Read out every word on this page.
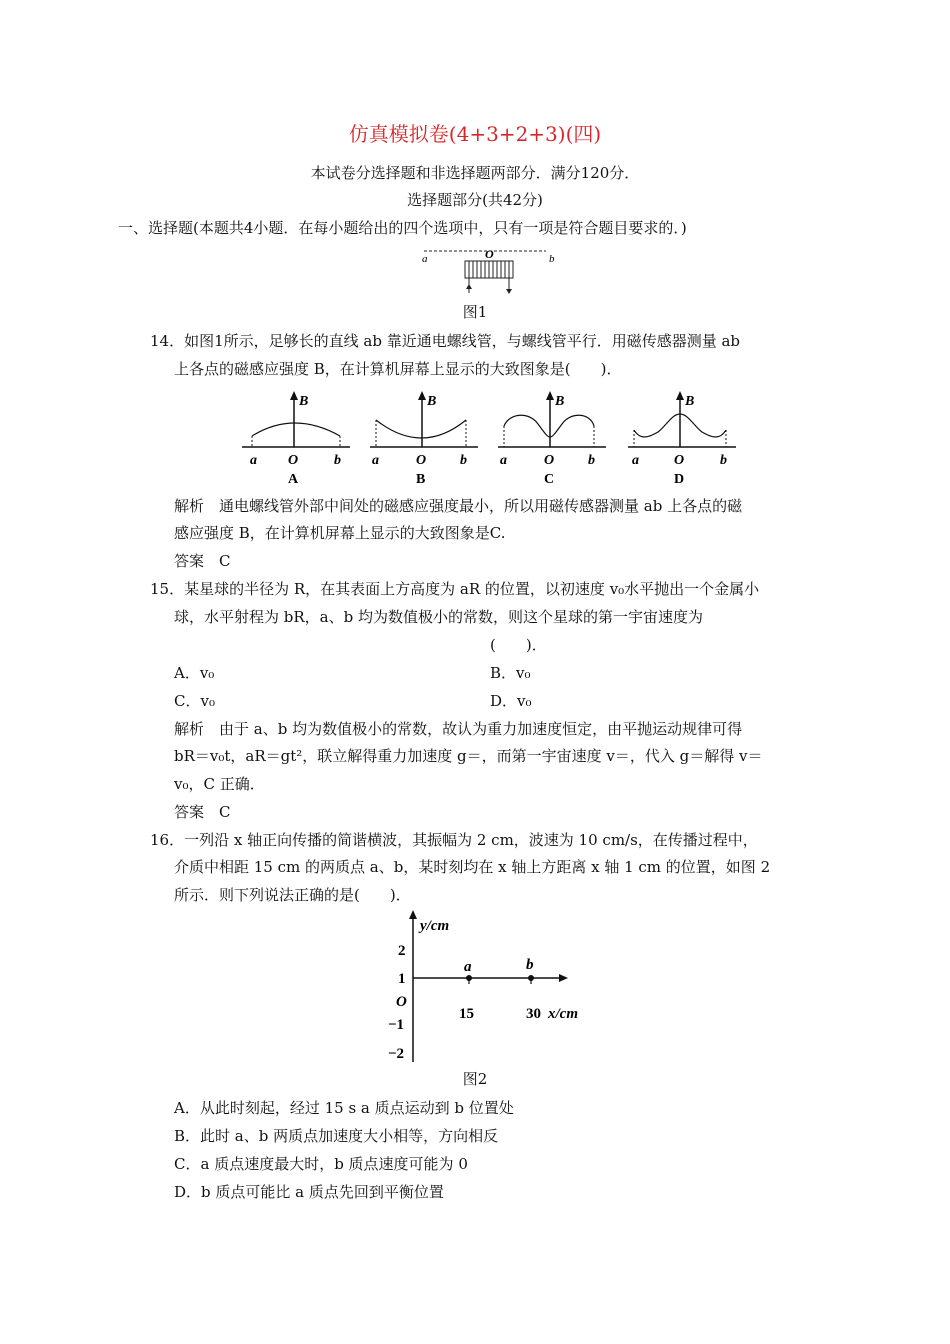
仿真模拟卷(4+3+2+3)(四)
本试卷分选择题和非选择题两部分．满分120分．
选择题部分(共42分)
一、选择题(本题共4小题．在每小题给出的四个选项中，只有一项是符合题目要求的．)
a	O	b
图1
14．如图1所示，足够长的直线 ab 靠近通电螺线管，与螺线管平行．用磁传感器测量 ab
上各点的磁感应强度 B，在计算机屏幕上显示的大致图象是(　　)．
B
a O	b
A
B
a	O b
B
B
a	O b
C
B
a	O	b
D
解析　通电螺线管外部中间处的磁感应强度最小，所以用磁传感器测量 ab 上各点的磁
感应强度 B，在计算机屏幕上显示的大致图象是C.
答案　C
15．某星球的半径为 R，在其表面上方高度为 aR 的位置，以初速度 v₀水平抛出一个金属小
球，水平射程为 bR，a、b 均为数值极小的常数，则这个星球的第一宇宙速度为
(　　)．
A．v₀	B．v₀
C．v₀	D．v₀
解析　由于 a、b 均为数值极小的常数，故认为重力加速度恒定，由平抛运动规律可得
bR＝v₀t，aR＝gt²，联立解得重力加速度 g＝，而第一宇宙速度 v＝，代入 g＝解得 v＝
v₀，C 正确．
答案　C
16．一列沿 x 轴正向传播的简谐横波，其振幅为 2 cm，波速为 10 cm/s，在传播过程中，
介质中相距 15 cm 的两质点 a、b，某时刻均在 x 轴上方距离 x 轴 1 cm 的位置，如图 2
所示．则下列说法正确的是(　　)．
y/cm
2
1
O
−1
−2
a	b
15	30 x/cm
图2
A．从此时刻起，经过 15 s a 质点运动到 b 位置处
B．此时 a、b 两质点加速度大小相等，方向相反
C．a 质点速度最大时，b 质点速度可能为 0
D．b 质点可能比 a 质点先回到平衡位置
